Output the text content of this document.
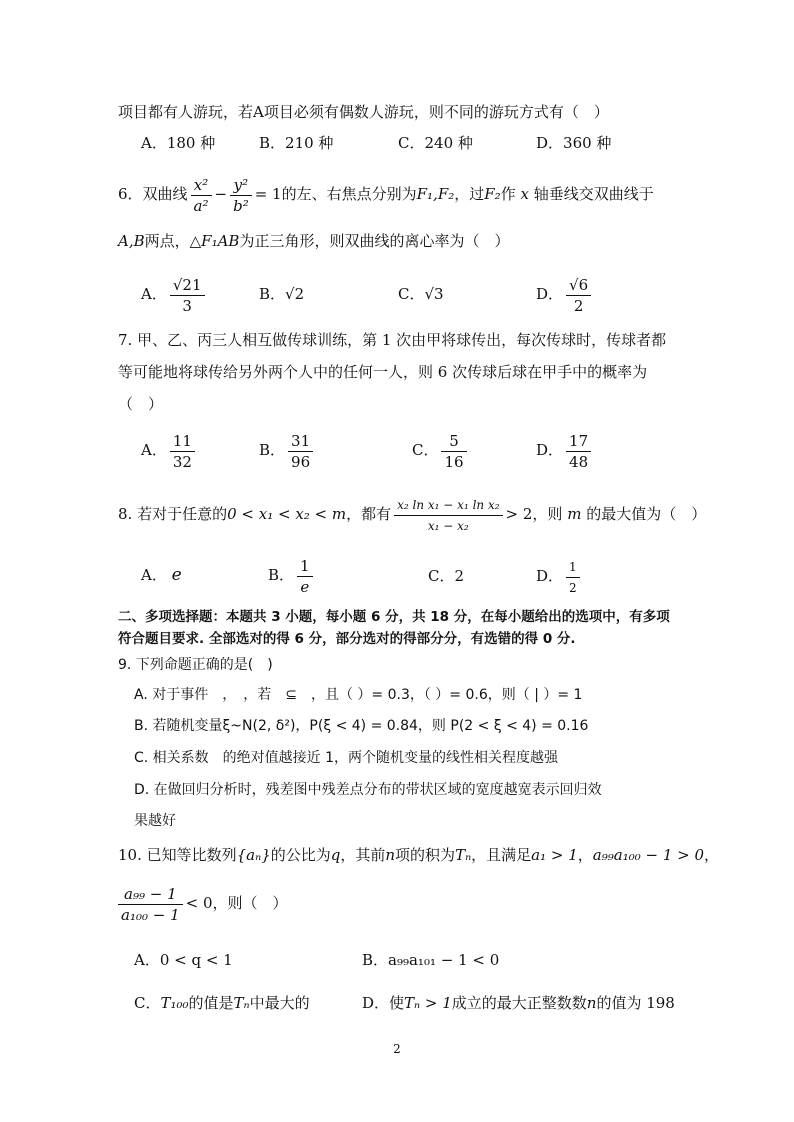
项目都有人游玩，若A项目必须有偶数人游玩，则不同的游玩方式有（　）
A．180 种	B．210 种	C．240 种	D．360 种
6．双曲线 $\frac{\text{x²}}{\text{a²}} - \frac{\text{y²}}{\text{b²}} = 1$的左、右焦点分别为F₁,F₂，过F₂作 x 轴垂线交双曲线于
A,B两点，△F₁AB为正三角形，则双曲线的离心率为（　）
A． $\frac{√21}{3}$	B．√2	C．√3	D． $\frac{√6}{2}$
7. 甲、乙、丙三人相互做传球训练，第 1 次由甲将球传出，每次传球时，传球者都
等可能地将球传给另外两个人中的任何一人，则 6 次传球后球在甲手中的概率为
（　）
A． $\frac{11}{32}$	B． $\frac{31}{96}$	C． $\frac{5}{16}$	D． $\frac{17}{48}$
8. 若对于任意的0 < x₁ < x₂ < m，都有 $\frac{\text{x₂ ln x₁ − x₁ ln x₂}}{\text{x₁ − x₂}} > 2$，则 m 的最大值为（　）
A． e	B． $\frac{1}{e}$	C．2	D． $\frac{1}{2}$
二、多项选择题：本题共 3 小题，每小题 6 分，共 18 分，在每小题给出的选项中，有多项
符合题目要求. 全部选对的得 6 分，部分选对的得部分分，有选错的得 0 分.
9. 下列命题正确的是(　)
A. 对于事件　，　，若　⊆　，且（ ）= 0.3，（ ）= 0.6，则（ | ）= 1
B. 若随机变量ξ~N(2, δ²)，P(ξ < 4) = 0.84，则 P(2 < ξ < 4) = 0.16
C. 相关系数　的绝对值越接近 1，两个随机变量的线性相关程度越强
D. 在做回归分析时，残差图中残差点分布的带状区域的宽度越宽表示回归效
果越好
10. 已知等比数列{aₙ}的公比为q，其前n项的积为Tₙ，且满足a₁ > 1，a₉₉a₁₀₀ − 1 > 0，
$\frac{\text{a₉₉ − 1}}{\text{a₁₀₀ − 1}} < 0$，则（　）
A．0 < q < 1	B．a₉₉a₁₀₁ − 1 < 0
C．T₁₀₀的值是Tₙ中最大的	D．使Tₙ > 1成立的最大正整数数n的值为 198
2
